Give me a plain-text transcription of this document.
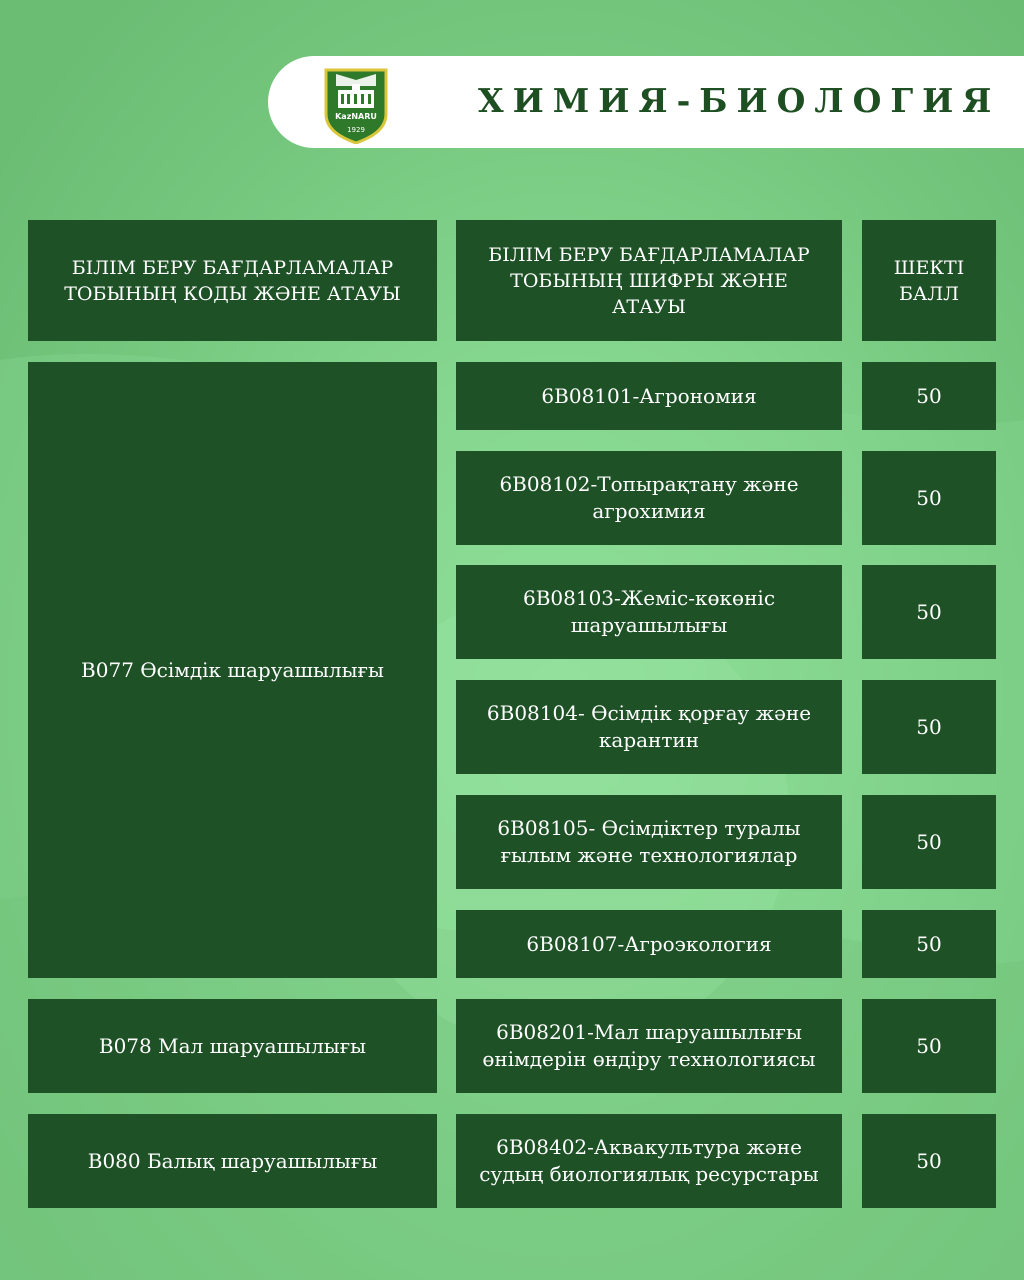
KazNARU
1929
ХИМИЯ-БИОЛОГИЯ
БІЛІМ БЕРУ БАҒДАРЛАМАЛАР ТОБЫНЫҢ КОДЫ ЖӘНЕ АТАУЫ
БІЛІМ БЕРУ БАҒДАРЛАМАЛАР ТОБЫНЫҢ ШИФРЫ ЖӘНЕ АТАУЫ
ШЕКТІ БАЛЛ
В077 Өсімдік шаруашылығы
В078 Мал шаруашылығы
В080 Балық шаруашылығы
6В08101-Агрономия
6В08102-Топырақтану және агрохимия
6В08103-Жеміс-көкөніс шаруашылығы
6В08104- Өсімдік қорғау және карантин
6В08105- Өсімдіктер туралы ғылым және технологиялар
6В08107-Агроэкология
6В08201-Мал шаруашылығы өнімдерін өндіру технологиясы
6В08402-Аквакультура және судың биологиялық ресурстары
50
50
50
50
50
50
50
50
